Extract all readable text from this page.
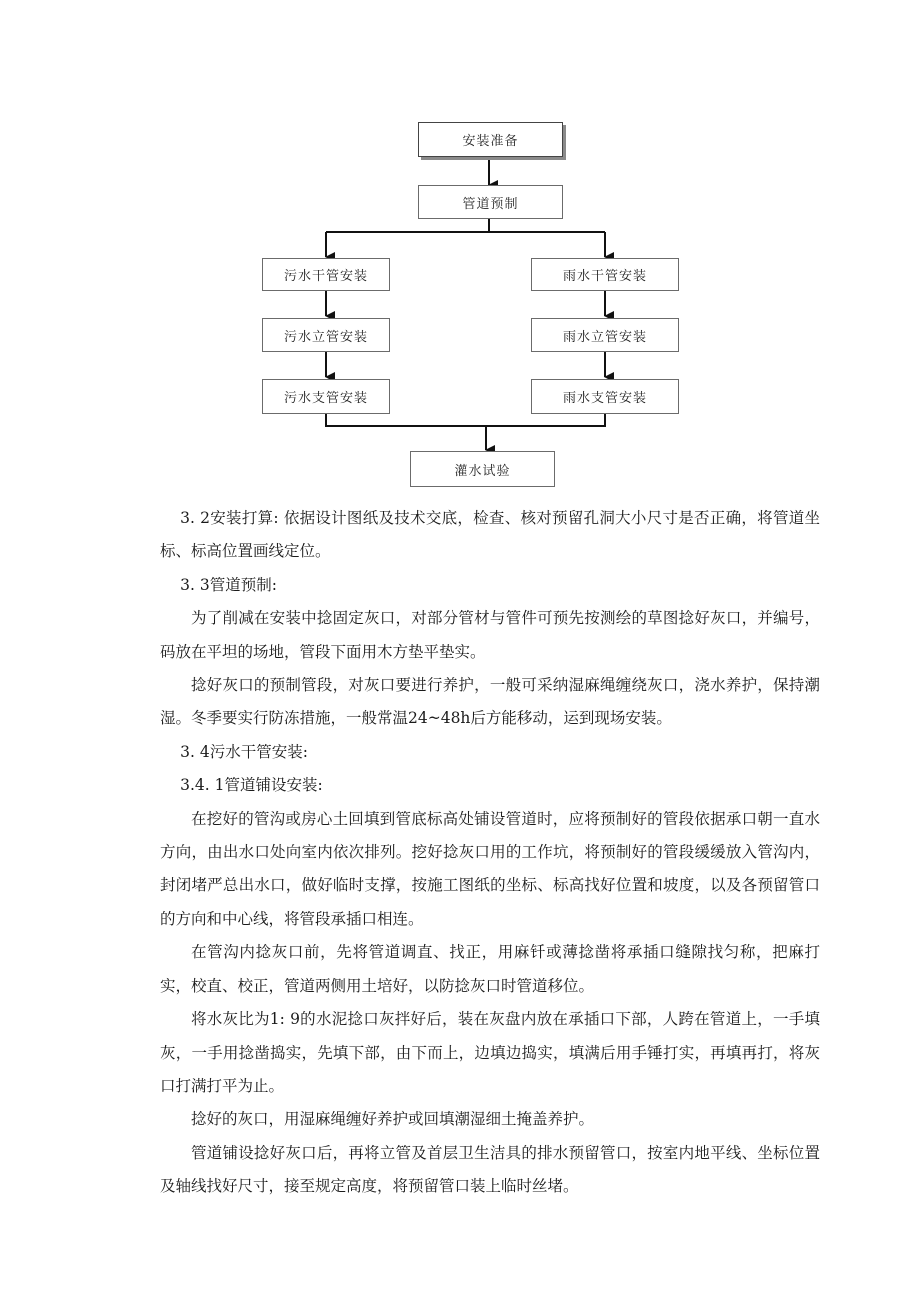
安装准备
管道预制
污水干管安装
污水立管安装
污水支管安装
雨水干管安装
雨水立管安装
雨水支管安装
灌水试验

3. 2安装打算: 依据设计图纸及技术交底，检查、核对预留孔洞大小尺寸是否正确，将管道坐标、标高位置画线定位。

3. 3管道预制:

为了削减在安装中捻固定灰口，对部分管材与管件可预先按测绘的草图捻好灰口，并编号，码放在平坦的场地，管段下面用木方垫平垫实。

捻好灰口的预制管段，对灰口要进行养护，一般可采纳湿麻绳缠绕灰口，浇水养护，保持潮湿。冬季要实行防冻措施，一般常温24~48h后方能移动，运到现场安装。

3. 4污水干管安装:

3.4. 1管道铺设安装:

在挖好的管沟或房心土回填到管底标高处铺设管道时，应将预制好的管段依据承口朝一直水方向，由出水口处向室内依次排列。挖好捻灰口用的工作坑，将预制好的管段缓缓放入管沟内，封闭堵严总出水口，做好临时支撑，按施工图纸的坐标、标高找好位置和坡度，以及各预留管口的方向和中心线，将管段承插口相连。

在管沟内捻灰口前，先将管道调直、找正，用麻钎或薄捻凿将承插口缝隙找匀称，把麻打实，校直、校正，管道两侧用土培好，以防捻灰口时管道移位。

将水灰比为1: 9的水泥捻口灰拌好后，装在灰盘内放在承插口下部，人跨在管道上，一手填灰，一手用捻凿捣实，先填下部，由下而上，边填边捣实，填满后用手锤打实，再填再打，将灰口打满打平为止。

捻好的灰口，用湿麻绳缠好养护或回填潮湿细土掩盖养护。

管道铺设捻好灰口后，再将立管及首层卫生洁具的排水预留管口，按室内地平线、坐标位置及轴线找好尺寸，接至规定高度，将预留管口装上临时丝堵。
